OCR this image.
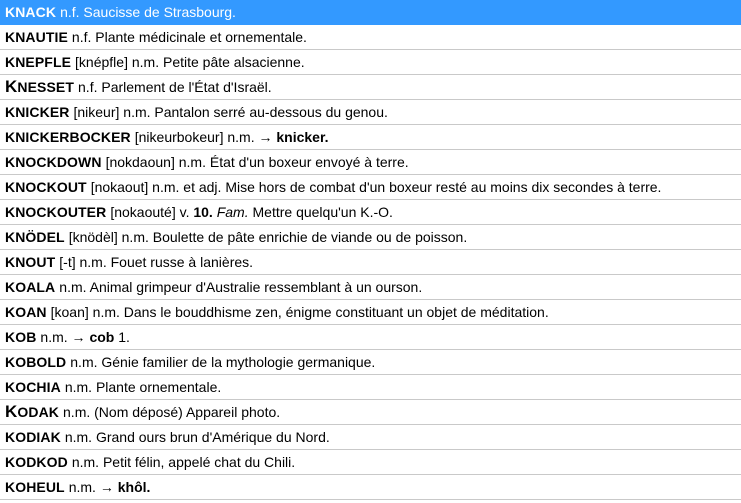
KNACK n.f. Saucisse de Strasbourg.
KNAUTIE n.f. Plante médicinale et ornementale.
KNEPFLE [knépfle] n.m. Petite pâte alsacienne.
KNESSET n.f. Parlement de l'État d'Israël.
KNICKER [nikeur] n.m. Pantalon serré au-dessous du genou.
KNICKERBOCKER [nikeurbokeur] n.m. → knicker.
KNOCKDOWN [nokdaoun] n.m. État d'un boxeur envoyé à terre.
KNOCKOUT [nokaout] n.m. et adj. Mise hors de combat d'un boxeur resté au moins dix secondes à terre.
KNOCKOUTER [nokaouté] v. 10. Fam. Mettre quelqu'un K.-O.
KNÖDEL [knödèl] n.m. Boulette de pâte enrichie de viande ou de poisson.
KNOUT [-t] n.m. Fouet russe à lanières.
KOALA n.m. Animal grimpeur d'Australie ressemblant à un ourson.
KOAN [koan] n.m. Dans le bouddhisme zen, énigme constituant un objet de méditation.
KOB n.m. → cob 1.
KOBOLD n.m. Génie familier de la mythologie germanique.
KOCHIA n.m. Plante ornementale.
KODAK n.m. (Nom déposé) Appareil photo.
KODIAK n.m. Grand ours brun d'Amérique du Nord.
KODKOD n.m. Petit félin, appelé chat du Chili.
KOHEUL n.m. → khôl.
